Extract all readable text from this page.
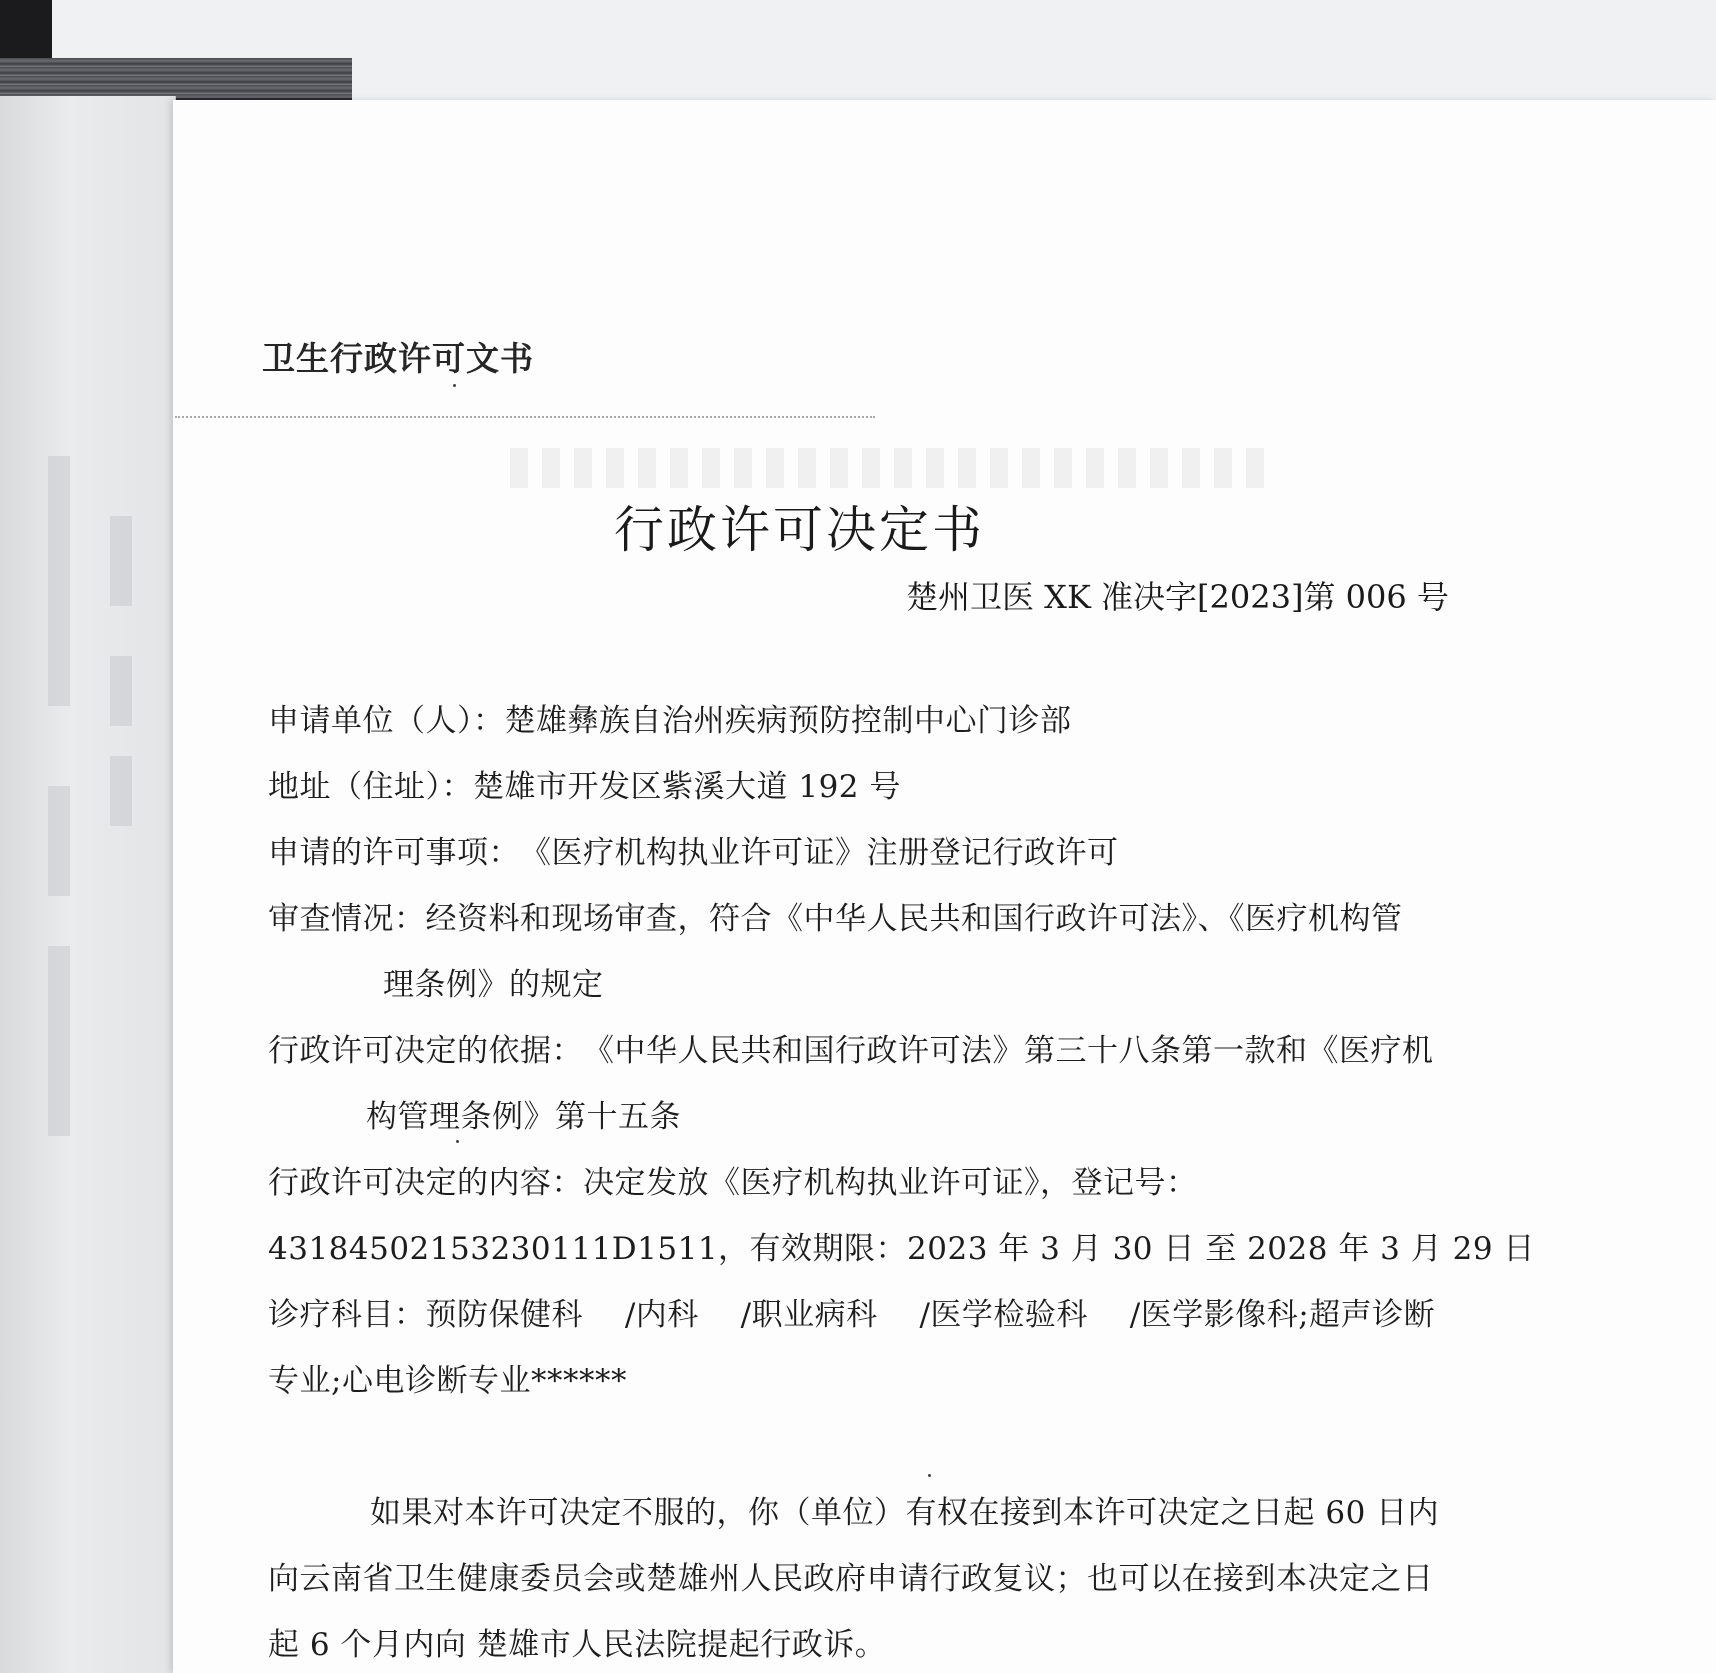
卫生行政许可文书
行政许可决定书
楚州卫医 XK 准决字[2023]第 006 号
申请单位（人）：楚雄彝族自治州疾病预防控制中心门诊部
地址（住址）：楚雄市开发区紫溪大道 192 号
申请的许可事项：《医疗机构执业许可证》注册登记行政许可
审查情况：经资料和现场审查，符合《中华人民共和国行政许可法》、《医疗机构管
理条例》的规定
行政许可决定的依据：《中华人民共和国行政许可法》第三十八条第一款和《医疗机
构管理条例》第十五条
行政许可决定的内容：决定发放《医疗机构执业许可证》，登记号：
4318450215323011​1D1511，有效期限：2023 年 3 月 30 日 至 2028 年 3 月 29 日
诊疗科目：预防保健科 　/内科 　/职业病科 　/医学检验科 　/医学影像科;超声诊断
专业;心电诊断专业******
如果对本许可决定不服的，你（单位）有权在接到本许可决定之日起 60 日内
向云南省卫生健康委员会或楚雄州人民政府申请行政复议；也可以在接到本决定之日
起 6 个月内向 楚雄市人民法院提起行政诉。
